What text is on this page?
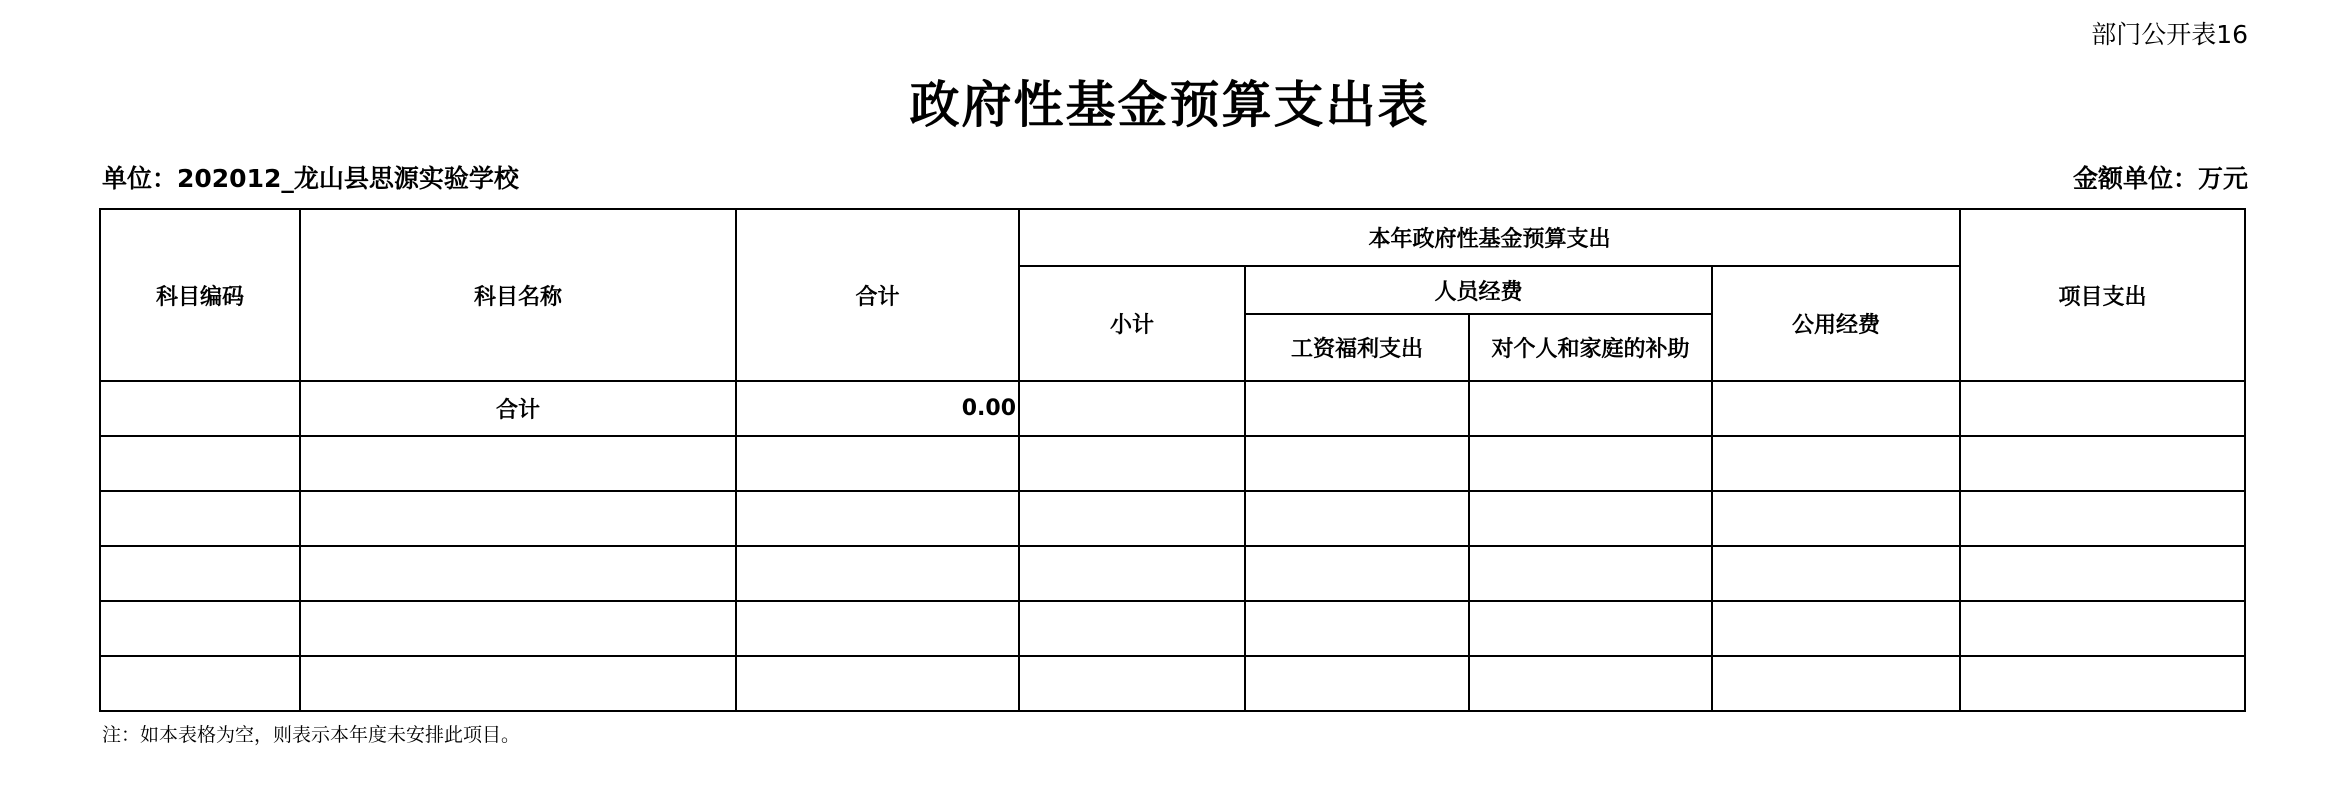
部门公开表16
政府性基金预算支出表
单位：202012_龙山县思源实验学校	金额单位：万元
科目编码	科目名称	合计	本年政府性基金预算支出				项目支出
			小计	人员经费		公用经费	
				工资福利支出	对个人和家庭的补助		
	合计	0.00					

注：如本表格为空，则表示本年度未安排此项目。
